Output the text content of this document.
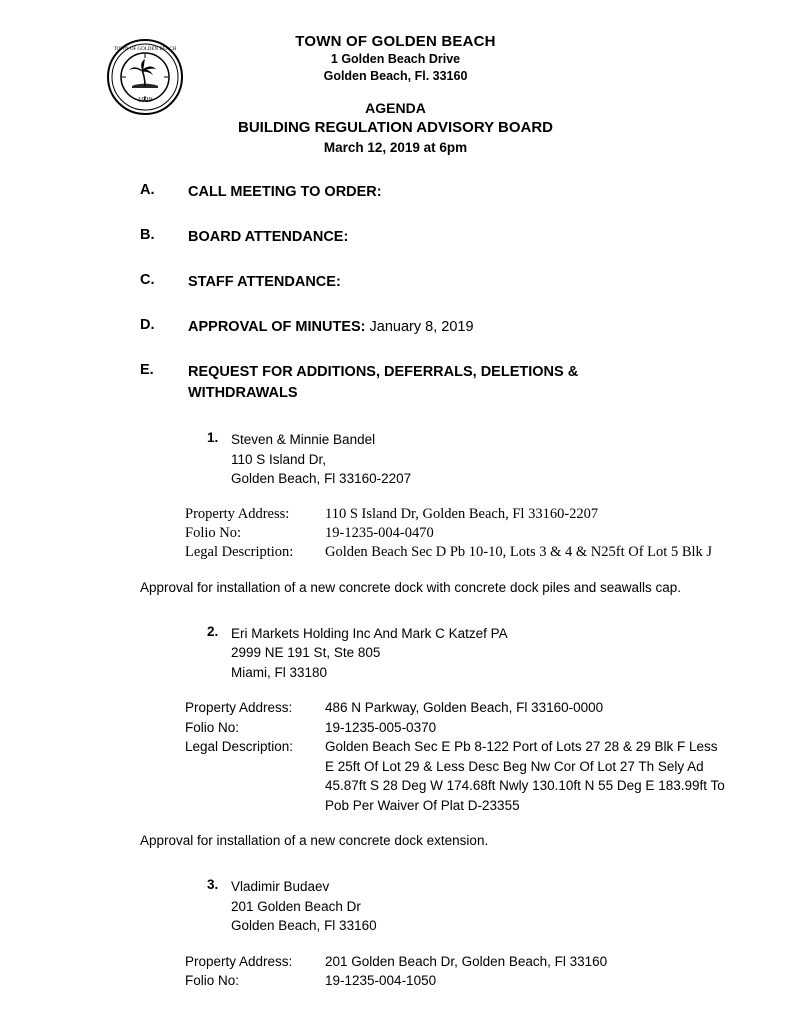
1929
TOWN OF GOLDEN BEACH	TOWN OF GOLDEN BEACH
1 Golden Beach Drive
Golden Beach, Fl. 33160
AGENDA
BUILDING REGULATION ADVISORY BOARD
March 12, 2019 at 6pm
A.	CALL MEETING TO ORDER:
B.	BOARD ATTENDANCE:
C.	STAFF ATTENDANCE:
D.	APPROVAL OF MINUTES: January 8, 2019
E.	REQUEST FOR ADDITIONS, DEFERRALS, DELETIONS & WITHDRAWALS
1. Steven & Minnie Bandel
110 S Island Dr,
Golden Beach, Fl 33160-2207
Property Address:	110 S Island Dr, Golden Beach, Fl 33160-2207
Folio No:	19-1235-004-0470
Legal Description:	Golden Beach Sec D Pb 10-10, Lots 3 & 4 & N25ft Of Lot 5 Blk J
Approval for installation of a new concrete dock with concrete dock piles and seawalls cap.
2. Eri Markets Holding Inc And Mark C Katzef PA
2999 NE 191 St, Ste 805
Miami, Fl 33180
Property Address:	486 N Parkway, Golden Beach, Fl 33160-0000
Folio No:	19-1235-005-0370
Legal Description:	Golden Beach Sec E Pb 8-122 Port of Lots 27 28 & 29 Blk F Less E 25ft Of Lot 29 & Less Desc Beg Nw Cor Of Lot 27 Th Sely Ad 45.87ft S 28 Deg W 174.68ft Nwly 130.10ft N 55 Deg E 183.99ft To Pob Per Waiver Of Plat D-23355
Approval for installation of a new concrete dock extension.
3. Vladimir Budaev
201 Golden Beach Dr
Golden Beach, Fl 33160
Property Address:	201 Golden Beach Dr, Golden Beach, Fl 33160
Folio No:	19-1235-004-1050
